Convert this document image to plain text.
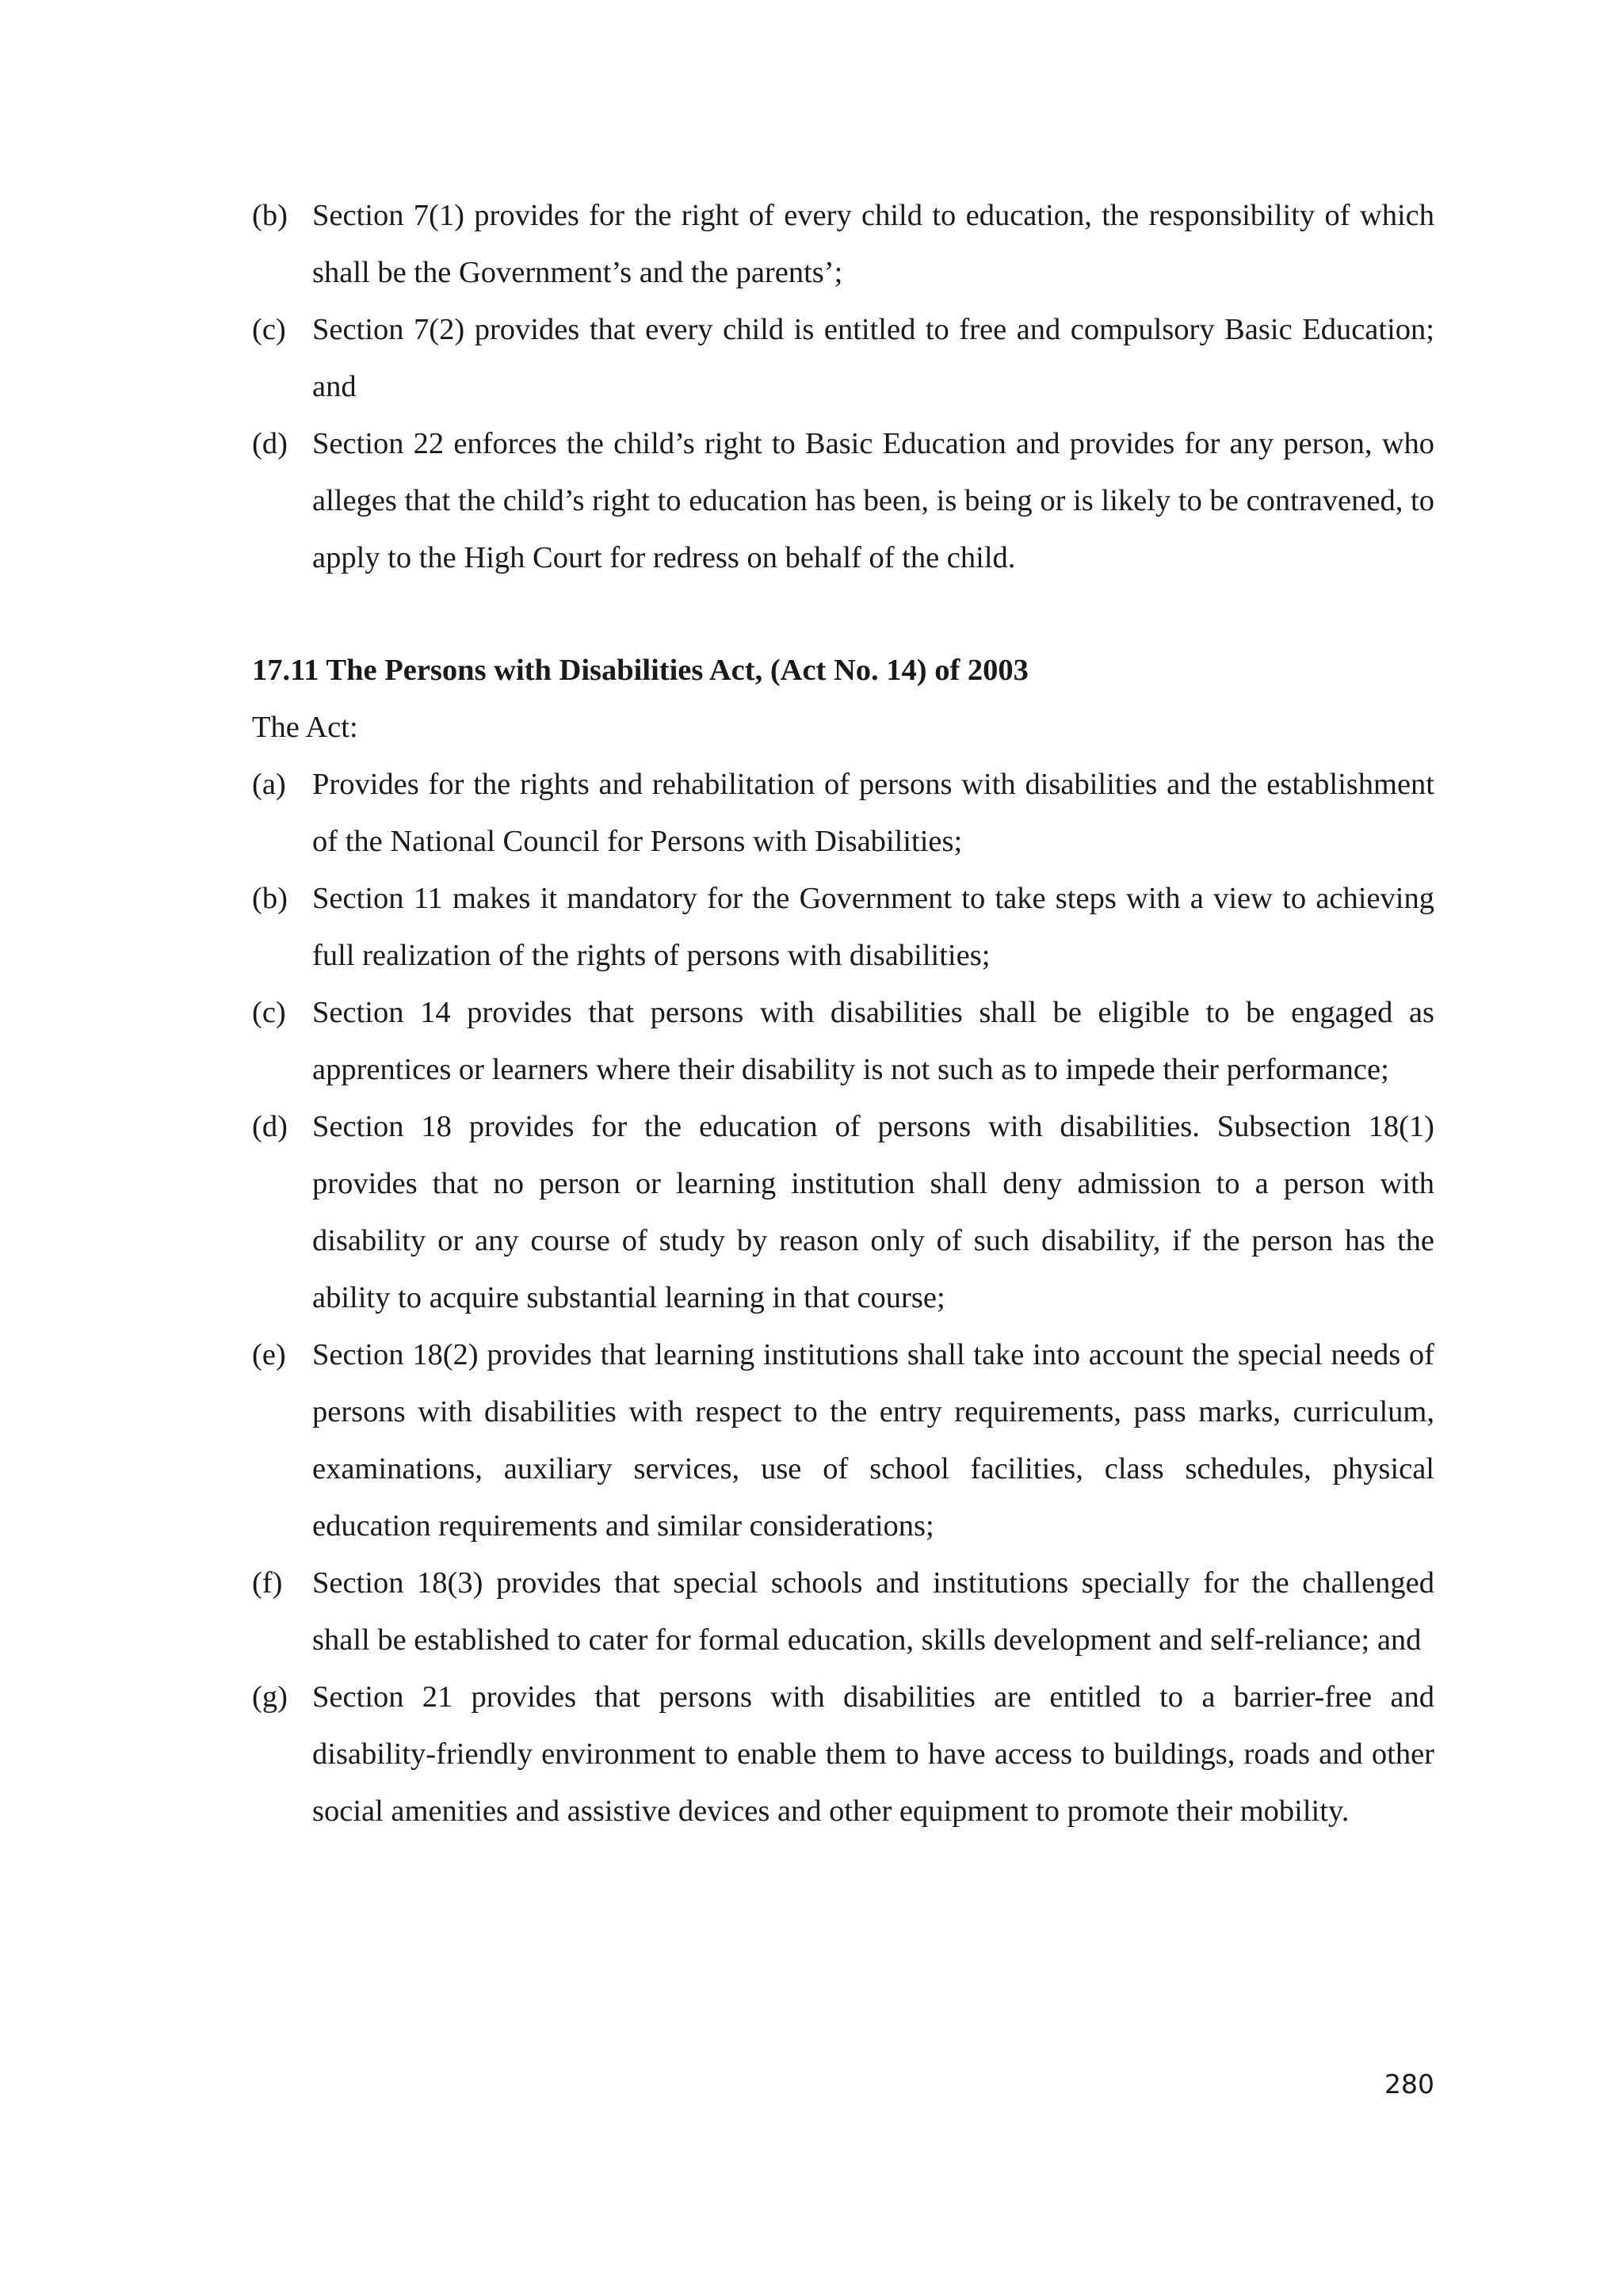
(b) Section 7(1) provides for the right of every child to education, the responsibility of which shall be the Government’s and the parents’;
(c) Section 7(2) provides that every child is entitled to free and compulsory Basic Education; and
(d) Section 22 enforces the child’s right to Basic Education and provides for any person, who alleges that the child’s right to education has been, is being or is likely to be contravened, to apply to the High Court for redress on behalf of the child.
17.11 The Persons with Disabilities Act, (Act No. 14) of 2003
The Act:
(a) Provides for the rights and rehabilitation of persons with disabilities and the establishment of the National Council for Persons with Disabilities;
(b) Section 11 makes it mandatory for the Government to take steps with a view to achieving full realization of the rights of persons with disabilities;
(c) Section 14 provides that persons with disabilities shall be eligible to be engaged as apprentices or learners where their disability is not such as to impede their performance;
(d) Section 18 provides for the education of persons with disabilities. Subsection 18(1) provides that no person or learning institution shall deny admission to a person with disability or any course of study by reason only of such disability, if the person has the ability to acquire substantial learning in that course;
(e) Section 18(2) provides that learning institutions shall take into account the special needs of persons with disabilities with respect to the entry requirements, pass marks, curriculum, examinations, auxiliary services, use of school facilities, class schedules, physical education requirements and similar considerations;
(f) Section 18(3) provides that special schools and institutions specially for the challenged shall be established to cater for formal education, skills development and self-reliance; and
(g) Section 21 provides that persons with disabilities are entitled to a barrier-free and disability-friendly environment to enable them to have access to buildings, roads and other social amenities and assistive devices and other equipment to promote their mobility.
280
